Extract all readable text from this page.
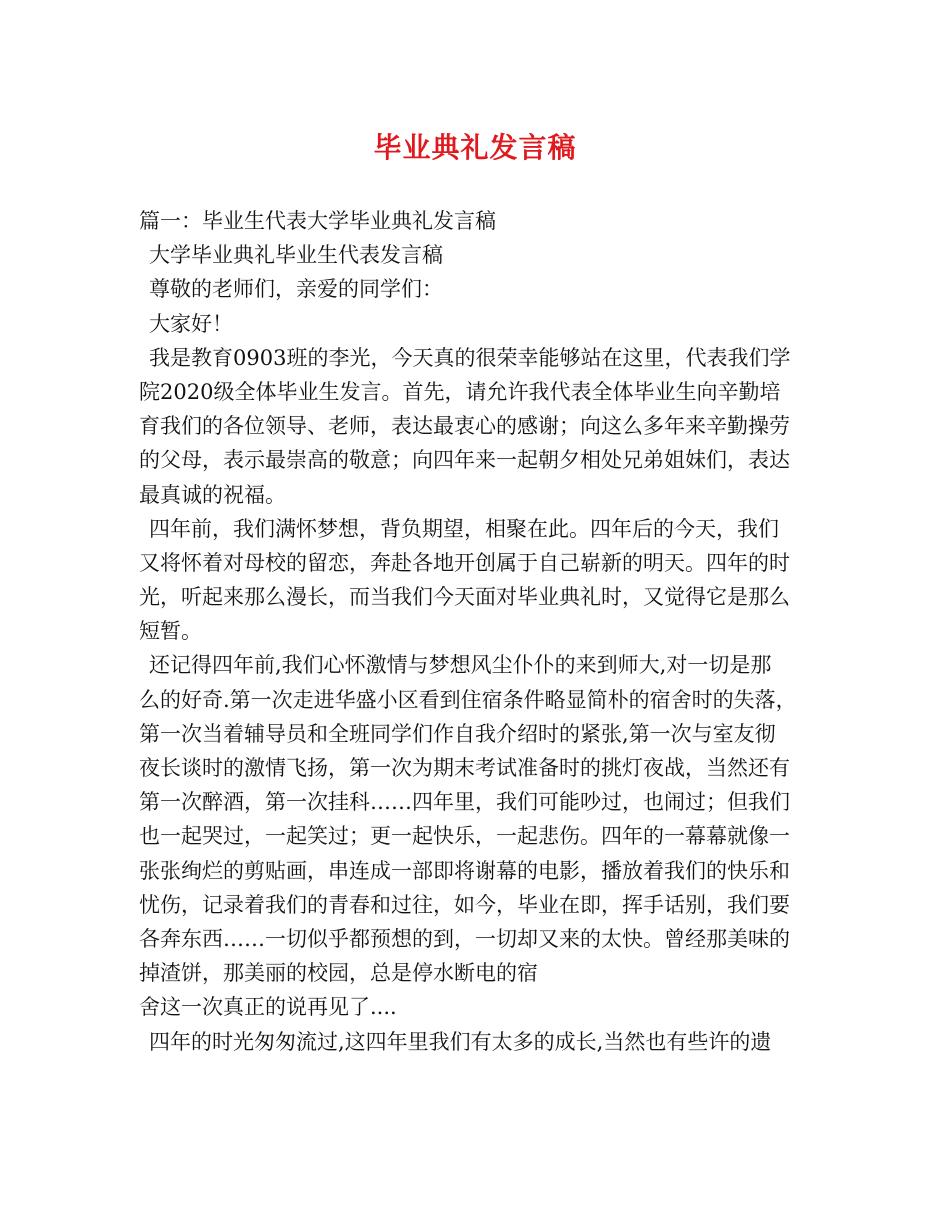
毕业典礼发言稿
篇一：毕业生代表大学毕业典礼发言稿
大学毕业典礼毕业生代表发言稿
尊敬的老师们，亲爱的同学们：
大家好！
我是教育0903班的李光，今天真的很荣幸能够站在这里，代表我们学
院2020级全体毕业生发言。首先，请允许我代表全体毕业生向辛勤培
育我们的各位领导、老师，表达最衷心的感谢；向这么多年来辛勤操劳
的父母，表示最崇高的敬意；向四年来一起朝夕相处兄弟姐妹们，表达
最真诚的祝福。
四年前，我们满怀梦想，背负期望，相聚在此。四年后的今天，我们
又将怀着对母校的留恋，奔赴各地开创属于自己崭新的明天。四年的时
光，听起来那么漫长，而当我们今天面对毕业典礼时，又觉得它是那么
短暂。
还记得四年前,我们心怀激情与梦想风尘仆仆的来到师大,对一切是那
么的好奇.第一次走进华盛小区看到住宿条件略显简朴的宿舍时的失落，
第一次当着辅导员和全班同学们作自我介绍时的紧张,第一次与室友彻
夜长谈时的激情飞扬，第一次为期末考试准备时的挑灯夜战，当然还有
第一次醉酒，第一次挂科……四年里，我们可能吵过，也闹过；但我们
也一起哭过，一起笑过；更一起快乐，一起悲伤。四年的一幕幕就像一
张张绚烂的剪贴画，串连成一部即将谢幕的电影，播放着我们的快乐和
忧伤，记录着我们的青春和过往，如今，毕业在即，挥手话别，我们要
各奔东西……一切似乎都预想的到，一切却又来的太快。曾经那美味的
掉渣饼，那美丽的校园，总是停水断电的宿
舍这一次真正的说再见了....
四年的时光匆匆流过,这四年里我们有太多的成长,当然也有些许的遗
